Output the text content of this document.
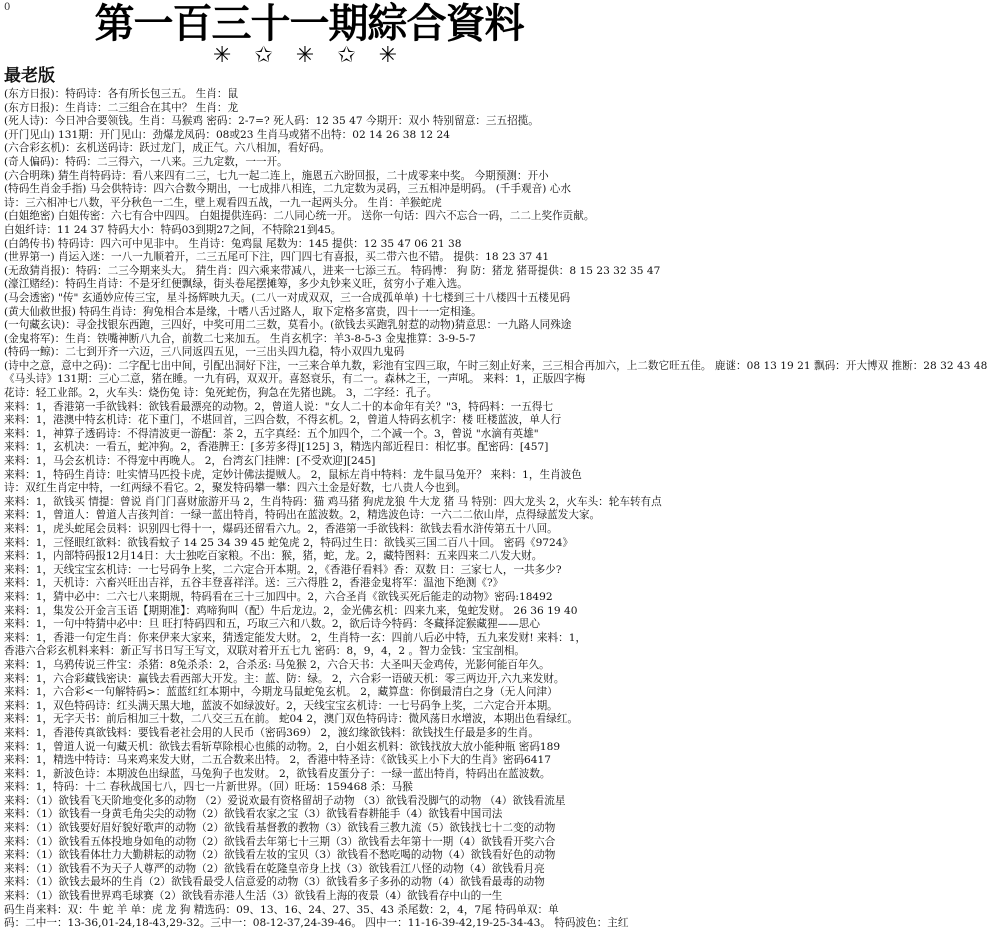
0	第一百三十一期綜合資料
✳ ✩ ✳ ✩ ✳
最老版
(东方日报)：特码诗：各有所长包三五。 生肖：鼠
(东方日报)：生肖诗：二三组合在其中？ 生肖：龙
(死人诗)：今日冲合要领钱。生肖：马猴鸡 密码：2-7=? 死人码：12 35 47 今期开：双小 特别留意：三五招揽。
(开门见山) 131期：开门见山：劲爆龙凤码：08或23 生肖马或猪不出特：02 14 26 38 12 24
(六合彩玄机)：玄机送码诗：跃过龙门，成正气。六八相加，看好码。
(奇人偏码)：特码：二三得六，一八来。三九定数，一一开。
(六合明珠) 猜生肖特码诗：看八来四有二三，七九一起二连上，施恩五六盼回报，二十成零来中奖。 今期预测：开小
(特码生肖金手指) 马会供特诗：四六合数今期出，一七成排八相连，二九定数为灵码，三五相冲是明码。 (千手观音) 心水
诗：三六相冲七八数，平分秋色一二生，壁上观看四五战，一九一起两头分。 生肖：羊猴蛇虎
(白姐绝密) 白姐传密：六七有合中四四。 白姐提供连码：二八同心统一开。 送你一句话：四六不忘合一码，二二上奖作贡献。
白姐纤诗：11 24 37 特码大小：特码03到期27之间，不特除21到45。
(白鸽传书) 特码诗：四六可中见非中。 生肖诗：兔鸡鼠 尾数为：145 提供：12 35 47 06 21 38
(世界第一) 肖运入迷：一八一九顺着开，二三五尾可下注，四门四七有喜报，买二带六也不错。 提供：18 23 37 41
(无敌猜肖报)：特码：二三今期来头大。 猜生肖：四六乘来带减八，进来一七添三五。 特码博： 狗 防：猪龙 猪哥提供：8 15 23 32 35 47
(濠江赌经)：特码生肖诗：不是牙红便飘绿，街头卷尾摆摊筹，多少丸钞来义旺，贫穷小子难入选。
(马会透密) "传" 玄通妙应传三宝，星斗扬辉映九天。(二八一对成双双，三一合成孤单单) 十七楼到三十八楼四十五楼见码
(黄大仙救世报) 特码生肖诗：狗兔相合本是缘，十嗜八舌过路人，取下定格多富贵，四十一一定相逢。
(一句藏玄诀)：寻金找银东西跑，三四好，中奖可用二三数，莫看小。(欲钱去买跑乳射惹的动物)猜意思：一九路人同殊途
(金鬼将军)：生肖：铁嘴神断八九合，前数二七来加五。 生肖玄机字：羊3-8-5-3 金鬼推算：3-9-5-7
(特码一鲸)：二七到开齐一六迈，三八同返四五见，一三出头四九稳，特小双四九鬼码
(诗中之意，意中之码)：二字配七出中间，引配出洞好下注，一三来合单九数，彩池有宝四三取，午时三刻止好来，三三相合再加六，上二数它旺五佳。 鹿谜：08 13 19 21 飘码：开大博双 推断：28 32 43 48
《马头诗》131期：三心二意，猪在睡。一九有码，双双开。喜怒衰乐，有二一。森林之王，一声吼。 来料：1，正版四字梅
花诗：轻工业部。2，火车头：烧伤兔 诗：兔死蛇伤，狗急在先猪也跳。 3，二字经：孔子。
来料：1，香港第一手欲钱料：欲钱看最漂亮的动物。2，曾道人说："女人二十的本命年有关？"3，特码料：一五得七
来料：1，港澳中特玄机诗：花下重门，不堪回首，三四合数，不得玄机。2，曾道人特码玄机字：楼 旺楼蓝波，单人行
来料：1，神算子透码诗：不得清波更一游配：茶 2，五字真经：五个加四个，二个减一个。3，曾说 "水滴有英雄"
来料：1，玄机决：一看五，蛇冲狗。2，香港脾王：[多芳多得][125] 3，精选内部近程日：相忆事。配密码：[457]
来料：1，马会玄机诗：不得宠中再晚人。 2，台湾玄门挂牌：[不受欢迎][245]
来料：1，特码生肖诗：吐实情马匹投卡虎，定妙计佛法提贼人。 2，鼠标左肖中特料：龙牛鼠马兔开？ 来料：1，生肖波色
诗：双红生肖定中特，一红两绿不看它。2，聚发特码攀一攀：四六土金是好数，七八贵人今也到。
来料：1，欲钱买 情提：曾说 肖门门喜财旅游开马 2，生肖特码：猫 鸡马猪 狗虎龙狼 牛大龙 猪 马 特别：四大龙头 2，火车头：轮车转有点
来料：1，曾道人：曾道人吉孩判首：一绿一蓝出特肖，特码出在蓝波数。2，精选波色诗：一六二二依山岸，点得绿蓝发大家。
来料：1，虎头蛇尾会员料：识别四七得十一，爆码还留看六九。2，香港第一手欲钱料：欲钱去看水浒传第五十八回。
来料：1，三怪眼红欲料：欲钱看蚊子 14 25 34 39 45 蛇兔虎 2，特码过生日：欲钱买三国二百八十回。 密码《9724》
来料：1，内部特码报12月14日：大士独吃百家粮。不出：猴，猪，蛇，龙。2，藏特图料：五来四来二八发大财。
来料：1，天线宝宝玄机诗：一七号码争上奖，二六定合开本期。2，《香港仔看料》香：双数 日：三家七人，一共多少?
来料：1，天机诗：六畜兴旺出吉祥，五谷丰登喜祥洋。送：三六得胜 2，香港金鬼将军：温池下绝测《?》
来料：1，猜中必中：二六七八来期规，特码看在三十三加四中。2，六合圣肖《欲钱买死后能走的动物》密码:18492
来料：1，集发公开金言玉语【期期准】：鸡啼狗叫（配）牛后龙边。2，金光佛玄机：四来九来，兔蛇发财。 26 36 19 40
来料：1，一句中特猜中必中：旦 旺打特码四和五，巧取三六和八数。2，欲后诗今特码：冬藏择淀猴藏狸——思心
来料：1，香港一句定生肖：你来伊来大家来，猜透定能发大财。 2，生肖特一玄：四前八后必中特，五九来发财! 来料：1，
香港六合彩玄机料来料：新正写书日写王写文，双联对着开五七九 密码：8，9，4，2 。智力金钱：宝宝剖相。
来料：1，乌鸦传说三件宝：杀猪：8兔杀杀：2，合杀丞: 马兔猴 2，六合天书：大圣叫天金鸡传，光影何能百年久。
来料：1，六合彩藏钱密诀：赢钱去看西部大开发。主：蓝、防：绿。 2，六合彩一语破天机：零三两边开,六九来发财。
来料：1，六合彩<一句解特码>：蓝蓝红红本期中，今期龙马鼠蛇兔玄机。 2，藏算盘：你倒最清白之身（无人问津）
来料：1，双色特码诗：红头满天黑大地，蓝波不如绿波好。2，天线宝宝玄机诗：一七号码争上奖，二六定合开本期。
来料：1，无字天书：前后相加三十数，二八交三五在前。 蛇04 2，澳门双色特码诗：微风荡日水增波，本期出色看绿红。
来料：1，香港传真欲钱料：要钱看老社会用的人民币（密码369） 2，渡幻缘欲钱料：欲钱找生仔最是多的生肖。
来料：1，曾道人说一句藏天机：欲钱去看斩草除根心也熊的动物。2，白小姐玄机料：欲钱找放大放小能种瓶 密码189
来料：1，精选中特诗：马来鸡来发大财，二五合数来出特。 2，香港中特圣诗：《欲钱买上小下大的生肖》密码6417
来料：1，新波色诗：本期波色出绿蓝，马兔狗子也发财。 2，欲钱看皮蛋分子：一绿一蓝出特肖，特码出在蓝波数。
来料：1，特码：十二 春秋战国七八，四七一片新世界。（回）旺场：159468 杀：马猴
来料：（1）欲钱看飞天阶地变化多的动物 （2）爱说欢最有资格留胡子动物 （3）欲钱看没脚气的动物 （4）欲钱看流星
来料：（1）欲钱看一身黄毛角尖尖的动物（2）欲钱看农家之宝（3）欲钱看春耕能手（4）欲钱看中国司法
来料：（1）欲钱要好眉好貌好歌声的动物（2）欲钱看基督教的教物（3）欲钱看三教九流（5）欲钱找七十二变的动物
来料：（1）欲钱看五体投地身如龟的动物（2）欲钱看去年第七十三期（3）欲钱看去年第十一期（4）欲钱看开奖六合
来料：（1）欲钱看体壮力大勤耕耘的动物（2）欲钱看左妆的宝贝（3）欲钱看不愁吃喝的动物（4）欲钱看好色的动物
来料：（1）欲钱看不为天子人尊严的动物（2）欲钱看在乾隆皇帝身上找（3）欲钱看江八怪的动物（4）欲钱看月亮
来料：（1）欲钱去最坏的生肖（2）欲钱看最受人信意爱的动物（3）欲钱看多子多孙的动物（4）欲钱看最毒的动物
来料：（1）欲钱看世界鸡毛球赛（2）欲钱看赤港人生活（3）欲钱看上海的夜景（4）欲钱看存中山的一生
码生肖来料：双：牛 蛇 羊 单：虎 龙 狗 精选码：09、13、16、24、27、35、43 杀尾数：2，4，7尾 特码单双：单
码：二中一：13-36,01-24,18-43,29-32。三中一：08-12-37,24-39-46。 四中一：11-16-39-42,19-25-34-43。 特码波色：主红
